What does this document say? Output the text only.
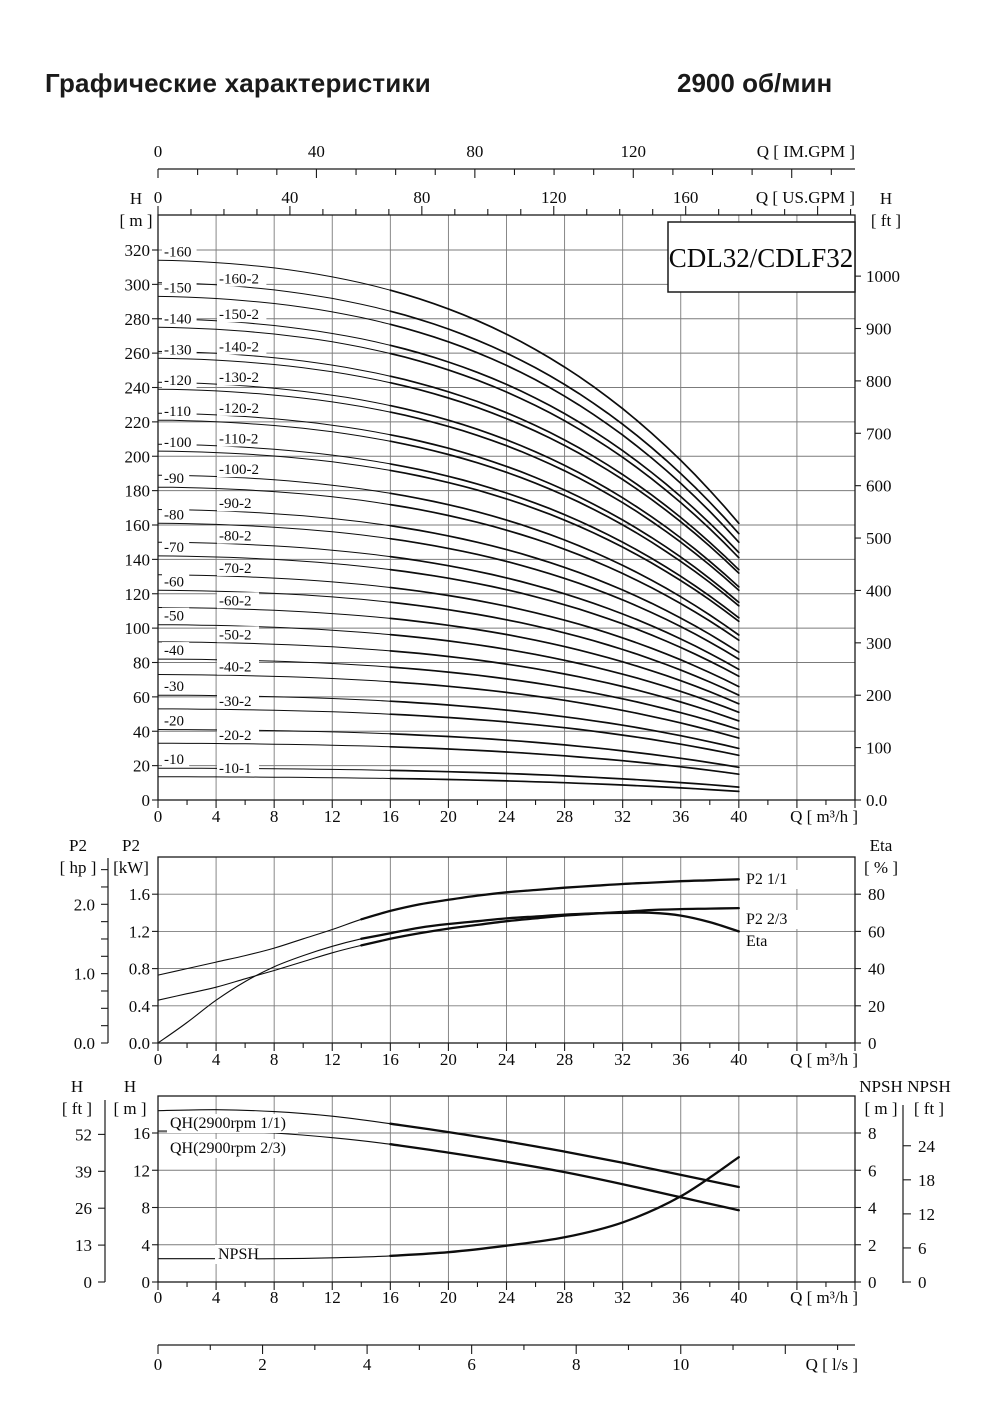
Графические характеристики	2900 об/мин
0
20
40
60
80
100
120
140
160
180
200
220
240
260
280
300
320
0.0
100
200
300
400
500
600
700
800
900
1000
0	4	8	12 16 20 24 28 32 36 40	Q [ m³/h ]
0	40	80	120	Q [ IM.GPM ]
0	40	80	120	160	Q [ US.GPM ]
H
[ m ]
H
[ ft ]
-160
-160-2
-150
-150-2
-140
-140-2
-130
-130-2
-120
-120-2
-110
-110-2
-100
-100-2
-90
-90-2
-80
-80-2
-70
-70-2
-60
-60-2
-50
-50-2
-40
-40-2
-30
-30-2
-20
-20-2
-10
-10-1
CDL32/CDLF32
0.0
0.4
0.8
1.2
1.6
0.0
1.0
2.0
0
20
40
60
80
0	4	8	12 16 20 24 28 32 36 40	Q [ m³/h ]
P2
[ hp ]
P2
[kW]
Eta
[ % ]
P2 1/1
P2 2/3
Eta
0
4
8
12
16
0
13
26
39
52
0
2
4
6
8
0
6
12
18
24
0	4	8	12 16 20 24 28 32 36 40	Q [ m³/h ]
0	2	4	6	8	10	Q [ l/s ]
H
[ ft ]
H
[ m ]
NPSH
[ m ]
NPSH
[ ft ]
QH(2900rpm 1/1)
QH(2900rpm 2/3)
NPSH
